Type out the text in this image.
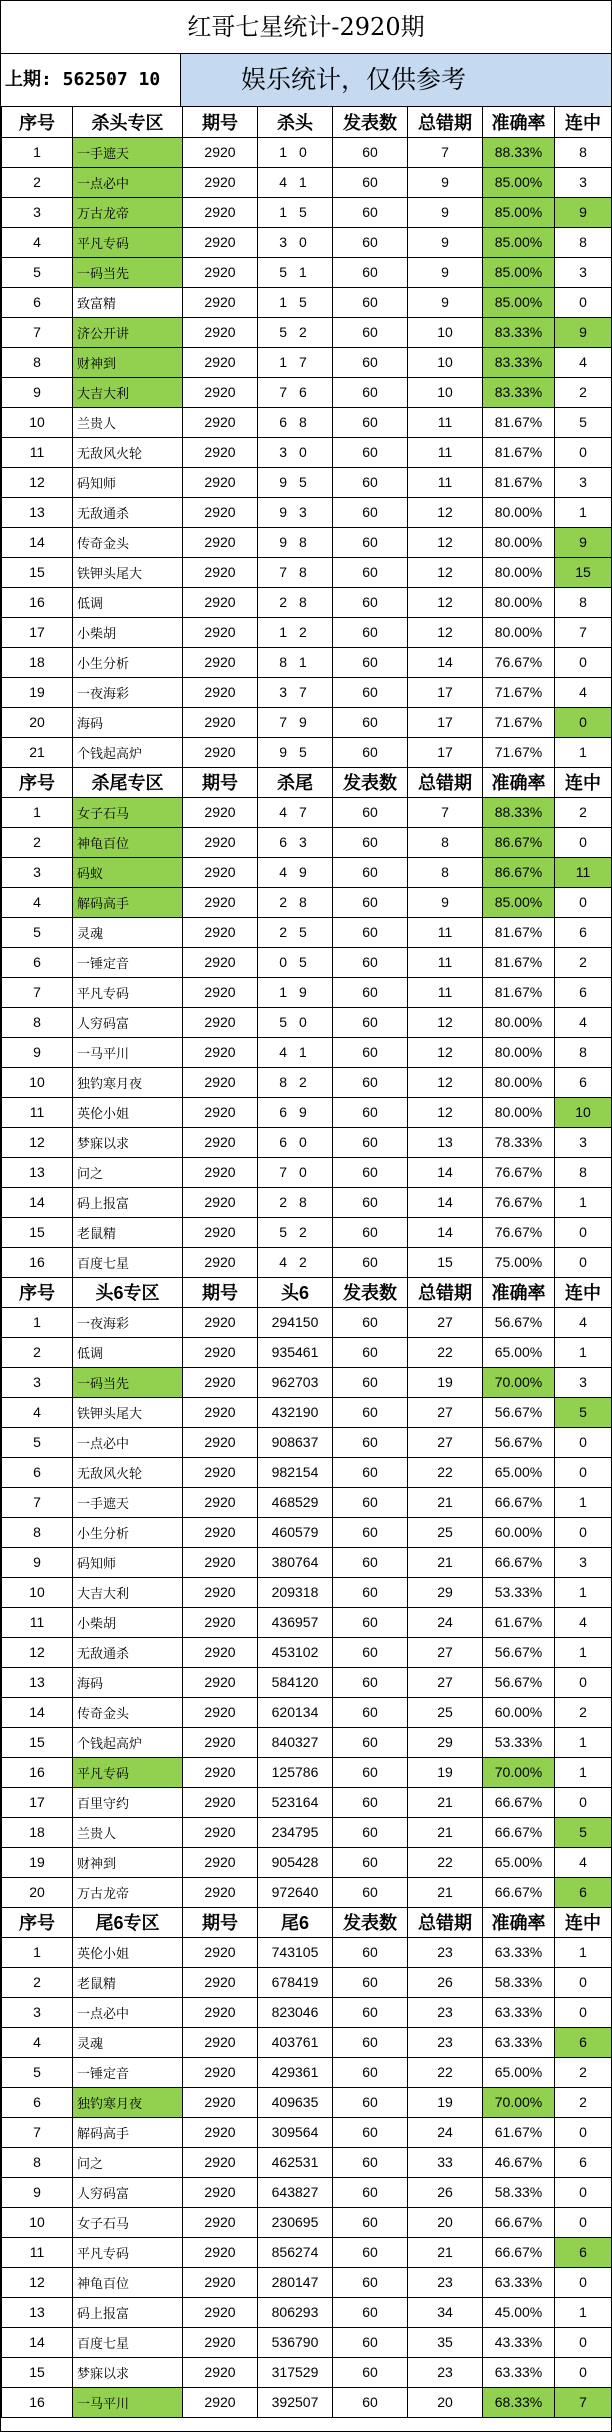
红哥七星统计-2920期
上期: 562507 10	娱乐统计，仅供参考
序号	杀头专区	期号	杀头	发表数	总错期	准确率	连中
1	一手遮天	2920	1 0	60	7	88.33%	8
2	一点必中	2920	4 1	60	9	85.00%	3
3	万古龙帝	2920	1 5	60	9	85.00%	9
4	平凡专码	2920	3 0	60	9	85.00%	8
5	一码当先	2920	5 1	60	9	85.00%	3
6	致富精	2920	1 5	60	9	85.00%	0
7	济公开讲	2920	5 2	60	10	83.33%	9
8	财神到	2920	1 7	60	10	83.33%	4
9	大吉大利	2920	7 6	60	10	83.33%	2
10	兰贵人	2920	6 8	60	11	81.67%	5
11	无敌风火轮	2920	3 0	60	11	81.67%	0
12	码知师	2920	9 5	60	11	81.67%	3
13	无敌通杀	2920	9 3	60	12	80.00%	1
14	传奇金头	2920	9 8	60	12	80.00%	9
15	铁钾头尾大	2920	7 8	60	12	80.00%	15
16	低调	2920	2 8	60	12	80.00%	8
17	小柴胡	2920	1 2	60	12	80.00%	7
18	小生分析	2920	8 1	60	14	76.67%	0
19	一夜海彩	2920	3 7	60	17	71.67%	4
20	海码	2920	7 9	60	17	71.67%	0
21	个钱起高炉	2920	9 5	60	17	71.67%	1
序号	杀尾专区	期号	杀尾	发表数	总错期	准确率	连中
1	女子石马	2920	4 7	60	7	88.33%	2
2	神龟百位	2920	6 3	60	8	86.67%	0
3	码蚁	2920	4 9	60	8	86.67%	11
4	解码高手	2920	2 8	60	9	85.00%	0
5	灵魂	2920	2 5	60	11	81.67%	6
6	一锤定音	2920	0 5	60	11	81.67%	2
7	平凡专码	2920	1 9	60	11	81.67%	6
8	人穷码富	2920	5 0	60	12	80.00%	4
9	一马平川	2920	4 1	60	12	80.00%	8
10	独钓寒月夜	2920	8 2	60	12	80.00%	6
11	英伦小姐	2920	6 9	60	12	80.00%	10
12	梦寐以求	2920	6 0	60	13	78.33%	3
13	问之	2920	7 0	60	14	76.67%	8
14	码上报富	2920	2 8	60	14	76.67%	1
15	老鼠精	2920	5 2	60	14	76.67%	0
16	百度七星	2920	4 2	60	15	75.00%	0
序号	头6专区	期号	头6	发表数	总错期	准确率	连中
1	一夜海彩	2920	294150	60	27	56.67%	4
2	低调	2920	935461	60	22	65.00%	1
3	一码当先	2920	962703	60	19	70.00%	3
4	铁钾头尾大	2920	432190	60	27	56.67%	5
5	一点必中	2920	908637	60	27	56.67%	0
6	无敌风火轮	2920	982154	60	22	65.00%	0
7	一手遮天	2920	468529	60	21	66.67%	1
8	小生分析	2920	460579	60	25	60.00%	0
9	码知师	2920	380764	60	21	66.67%	3
10	大吉大利	2920	209318	60	29	53.33%	1
11	小柴胡	2920	436957	60	24	61.67%	4
12	无敌通杀	2920	453102	60	27	56.67%	1
13	海码	2920	584120	60	27	56.67%	0
14	传奇金头	2920	620134	60	25	60.00%	2
15	个钱起高炉	2920	840327	60	29	53.33%	1
16	平凡专码	2920	125786	60	19	70.00%	1
17	百里守约	2920	523164	60	21	66.67%	0
18	兰贵人	2920	234795	60	21	66.67%	5
19	财神到	2920	905428	60	22	65.00%	4
20	万古龙帝	2920	972640	60	21	66.67%	6
序号	尾6专区	期号	尾6	发表数	总错期	准确率	连中
1	英伦小姐	2920	743105	60	23	63.33%	1
2	老鼠精	2920	678419	60	26	58.33%	0
3	一点必中	2920	823046	60	23	63.33%	0
4	灵魂	2920	403761	60	23	63.33%	6
5	一锤定音	2920	429361	60	22	65.00%	2
6	独钓寒月夜	2920	409635	60	19	70.00%	2
7	解码高手	2920	309564	60	24	61.67%	0
8	问之	2920	462531	60	33	46.67%	6
9	人穷码富	2920	643827	60	26	58.33%	0
10	女子石马	2920	230695	60	20	66.67%	0
11	平凡专码	2920	856274	60	21	66.67%	6
12	神龟百位	2920	280147	60	23	63.33%	0
13	码上报富	2920	806293	60	34	45.00%	1
14	百度七星	2920	536790	60	35	43.33%	0
15	梦寐以求	2920	317529	60	23	63.33%	0
16	一马平川	2920	392507	60	20	68.33%	7
